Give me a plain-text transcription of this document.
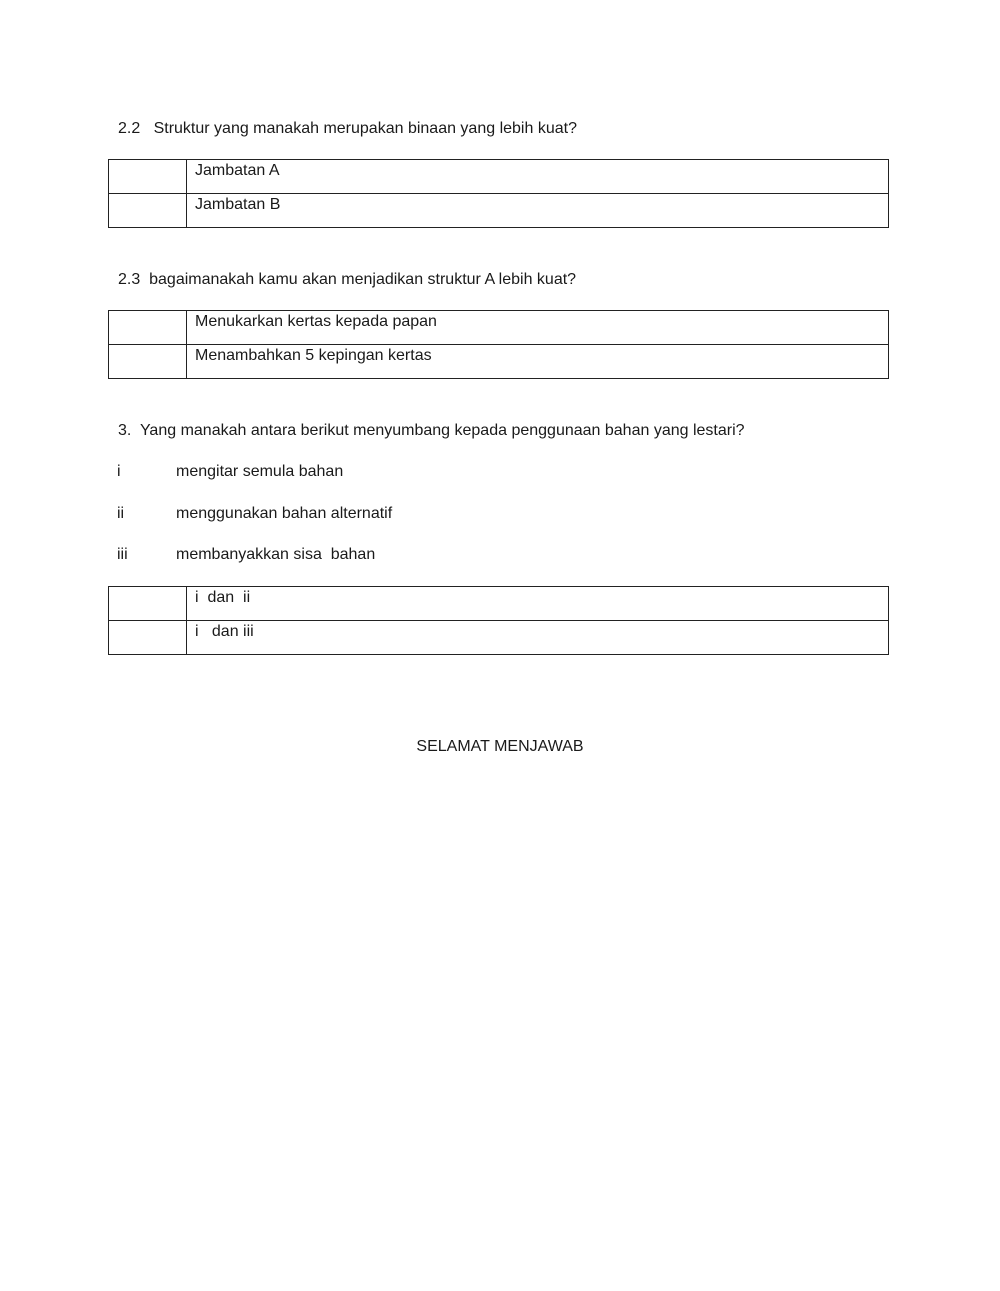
2.2   Struktur yang manakah merupakan binaan yang lebih kuat?
	Jambatan A
	Jambatan B
2.3  bagaimanakah kamu akan menjadikan struktur A lebih kuat?
	Menukarkan kertas kepada papan
	Menambahkan 5 kepingan kertas
3.  Yang manakah antara berikut menyumbang kepada penggunaan bahan yang lestari?
i	mengitar semula bahan
ii	menggunakan bahan alternatif
iii	membanyakkan sisa  bahan
	i  dan  ii
	i   dan iii
SELAMAT MENJAWAB
